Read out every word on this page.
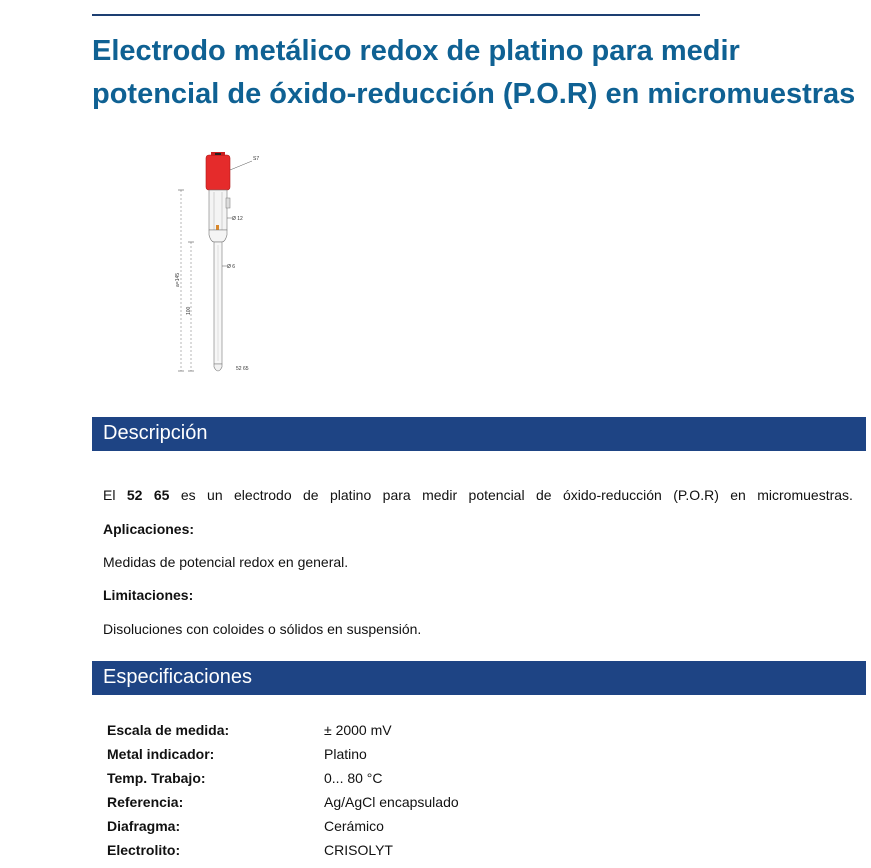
Electrodo metálico redox de platino para medir
potencial de óxido-reducción (P.O.R) en micromuestras
a=145
100
S7
Ø 12
Ø 6
52 65
Descripción
El 52 65 es un electrodo de platino para medir potencial de óxido-reducción (P.O.R) en micromuestras.
Aplicaciones:
Medidas de potencial redox en general.
Limitaciones:
Disoluciones con coloides o sólidos en suspensión.
Especificaciones
Escala de medida:	± 2000 mV
Metal indicador:	Platino
Temp. Trabajo:	0... 80 °C
Referencia:	Ag/AgCl encapsulado
Diafragma:	Cerámico
Electrolito:	CRISOLYT
